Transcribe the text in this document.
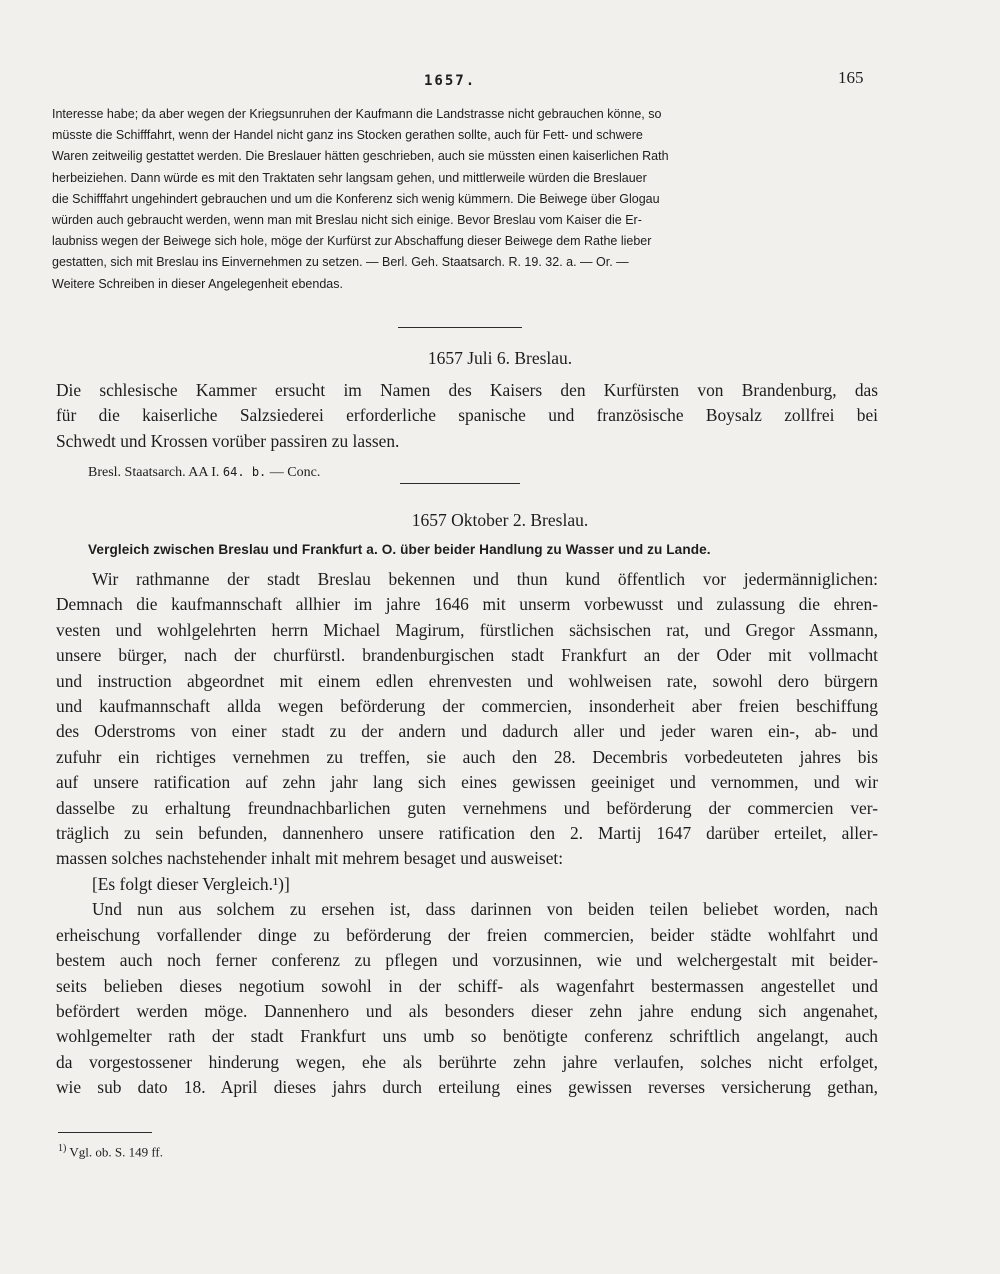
1657.	165
Interesse habe; da aber wegen der Kriegsunruhen der Kaufmann die Landstrasse nicht gebrauchen könne, so
müsste die Schifffahrt, wenn der Handel nicht ganz ins Stocken gerathen sollte, auch für Fett- und schwere
Waren zeitweilig gestattet werden. Die Breslauer hätten geschrieben, auch sie müssten einen kaiserlichen Rath
herbeiziehen. Dann würde es mit den Traktaten sehr langsam gehen, und mittlerweile würden die Breslauer
die Schifffahrt ungehindert gebrauchen und um die Konferenz sich wenig kümmern. Die Beiwege über Glogau
würden auch gebraucht werden, wenn man mit Breslau nicht sich einige. Bevor Breslau vom Kaiser die Er-
laubniss wegen der Beiwege sich hole, möge der Kurfürst zur Abschaffung dieser Beiwege dem Rathe lieber
gestatten, sich mit Breslau ins Einvernehmen zu setzen. — Berl. Geh. Staatsarch. R. 19. 32. a. — Or. —
Weitere Schreiben in dieser Angelegenheit ebendas.
1657 Juli 6. Breslau.
Die schlesische Kammer ersucht im Namen des Kaisers den Kurfürsten von Brandenburg, das
für die kaiserliche Salzsiederei erforderliche spanische und französische Boysalz zollfrei bei
Schwedt und Krossen vorüber passiren zu lassen.
Bresl. Staatsarch. AA I. 64. b. — Conc.
1657 Oktober 2. Breslau.
Vergleich zwischen Breslau und Frankfurt a. O. über beider Handlung zu Wasser und zu Lande.
Wir rathmanne der stadt Breslau bekennen und thun kund öffentlich vor jedermänniglichen:
Demnach die kaufmannschaft allhier im jahre 1646 mit unserm vorbewusst und zulassung die ehren-
vesten und wohlgelehrten herrn Michael Magirum, fürstlichen sächsischen rat, und Gregor Assmann,
unsere bürger, nach der churfürstl. brandenburgischen stadt Frankfurt an der Oder mit vollmacht
und instruction abgeordnet mit einem edlen ehrenvesten und wohlweisen rate, sowohl dero bürgern
und kaufmannschaft allda wegen beförderung der commercien, insonderheit aber freien beschiffung
des Oderstroms von einer stadt zu der andern und dadurch aller und jeder waren ein-, ab- und
zufuhr ein richtiges vernehmen zu treffen, sie auch den 28. Decembris vorbedeuteten jahres bis
auf unsere ratification auf zehn jahr lang sich eines gewissen geeiniget und vernommen, und wir
dasselbe zu erhaltung freundnachbarlichen guten vernehmens und beförderung der commercien ver-
träglich zu sein befunden, dannenhero unsere ratification den 2. Martij 1647 darüber erteilet, aller-
massen solches nachstehender inhalt mit mehrem besaget und ausweiset:
[Es folgt dieser Vergleich.¹)]
Und nun aus solchem zu ersehen ist, dass darinnen von beiden teilen beliebet worden, nach
erheischung vorfallender dinge zu beförderung der freien commercien, beider städte wohlfahrt und
bestem auch noch ferner conferenz zu pflegen und vorzusinnen, wie und welchergestalt mit beider-
seits belieben dieses negotium sowohl in der schiff- als wagenfahrt bestermassen angestellet und
befördert werden möge. Dannenhero und als besonders dieser zehn jahre endung sich angenahet,
wohlgemelter rath der stadt Frankfurt uns umb so benötigte conferenz schriftlich angelangt, auch
da vorgestossener hinderung wegen, ehe als berührte zehn jahre verlaufen, solches nicht erfolget,
wie sub dato 18. April dieses jahrs durch erteilung eines gewissen reverses versicherung gethan,
$^{1)}$ Vgl. ob. S. 149 ff.
